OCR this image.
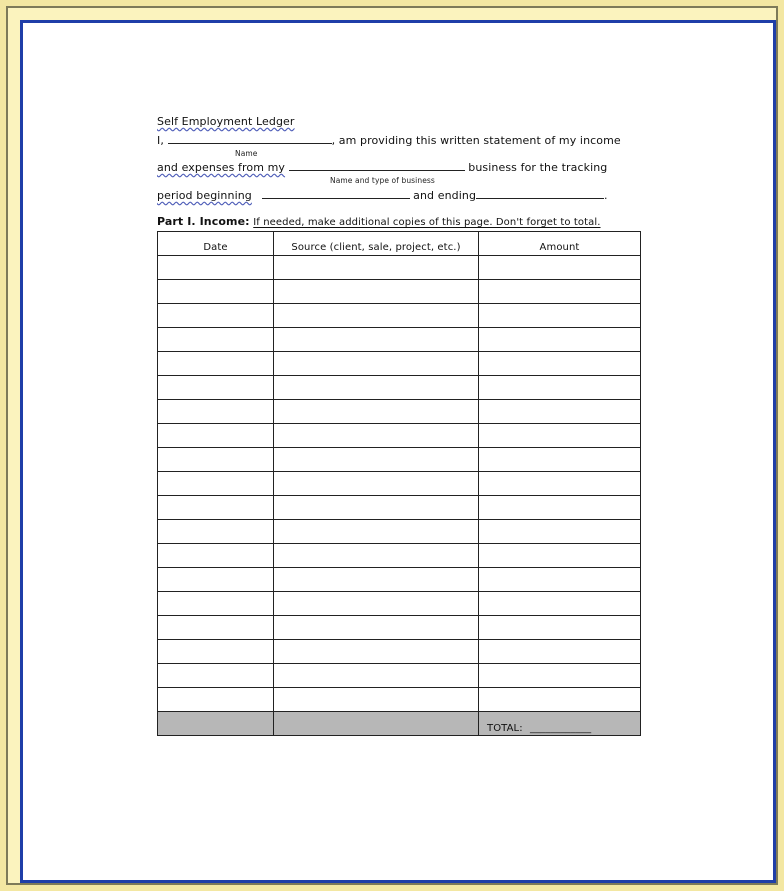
Self Employment Ledger
I,	, am providing this written statement of my income
Name
and expenses from my	business for the tracking
Name and type of business
period beginning	and ending	.
Part I. Income: If needed, make additional copies of this page. Don't forget to total.
Date	Source (client, sale, project, etc.)	Amount

		TOTAL: ____________
